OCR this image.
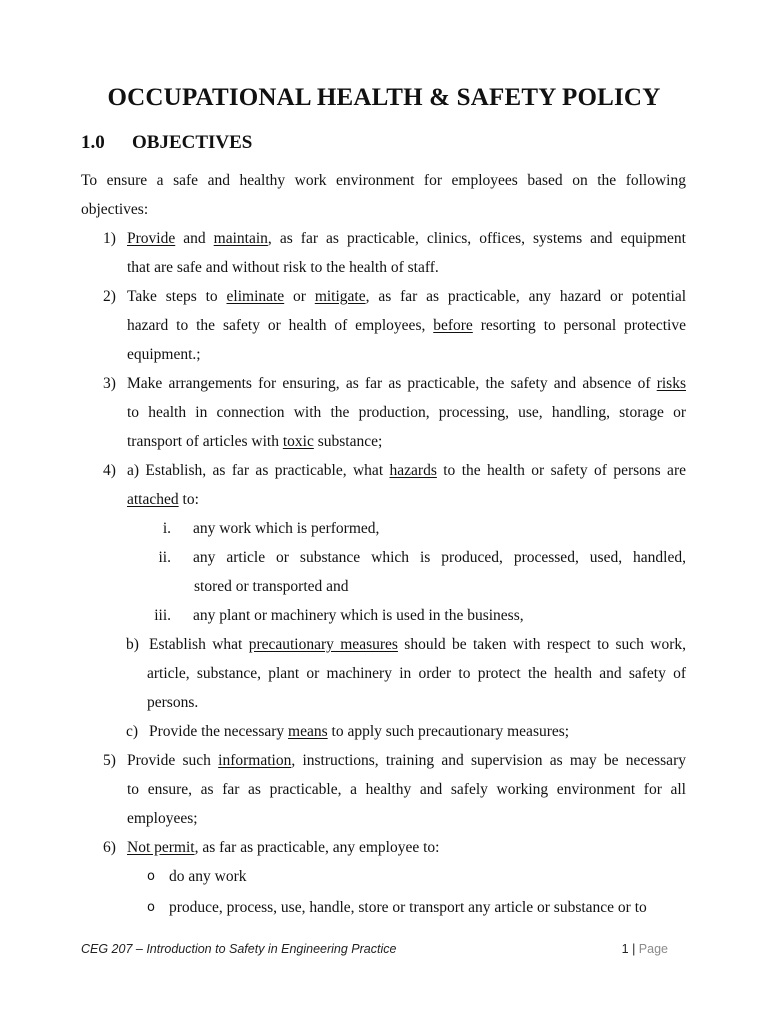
OCCUPATIONAL HEALTH & SAFETY POLICY
1.0 OBJECTIVES
To ensure a safe and healthy work environment for employees based on the following
objectives:
1) Provide and maintain, as far as practicable, clinics, offices, systems and equipment
that are safe and without risk to the health of staff.
2) Take steps to eliminate or mitigate, as far as practicable, any hazard or potential
hazard to the safety or health of employees, before resorting to personal protective
equipment.;
3) Make arrangements for ensuring, as far as practicable, the safety and absence of risks
to health in connection with the production, processing, use, handling, storage or
transport of articles with toxic substance;
4) a) Establish, as far as practicable, what hazards to the health or safety of persons are
attached to:
i.	any work which is performed,
ii.	any article or substance which is produced, processed, used, handled,
stored or transported and
iii.	any plant or machinery which is used in the business,
b) Establish what precautionary measures should be taken with respect to such work,
article, substance, plant or machinery in order to protect the health and safety of
persons.
c) Provide the necessary means to apply such precautionary measures;
5) Provide such information, instructions, training and supervision as may be necessary
to ensure, as far as practicable, a healthy and safely working environment for all
employees;
6) Not permit, as far as practicable, any employee to:
o do any work
o produce, process, use, handle, store or transport any article or substance or to
CEG 207 – Introduction to Safety in Engineering Practice	1 | Page
